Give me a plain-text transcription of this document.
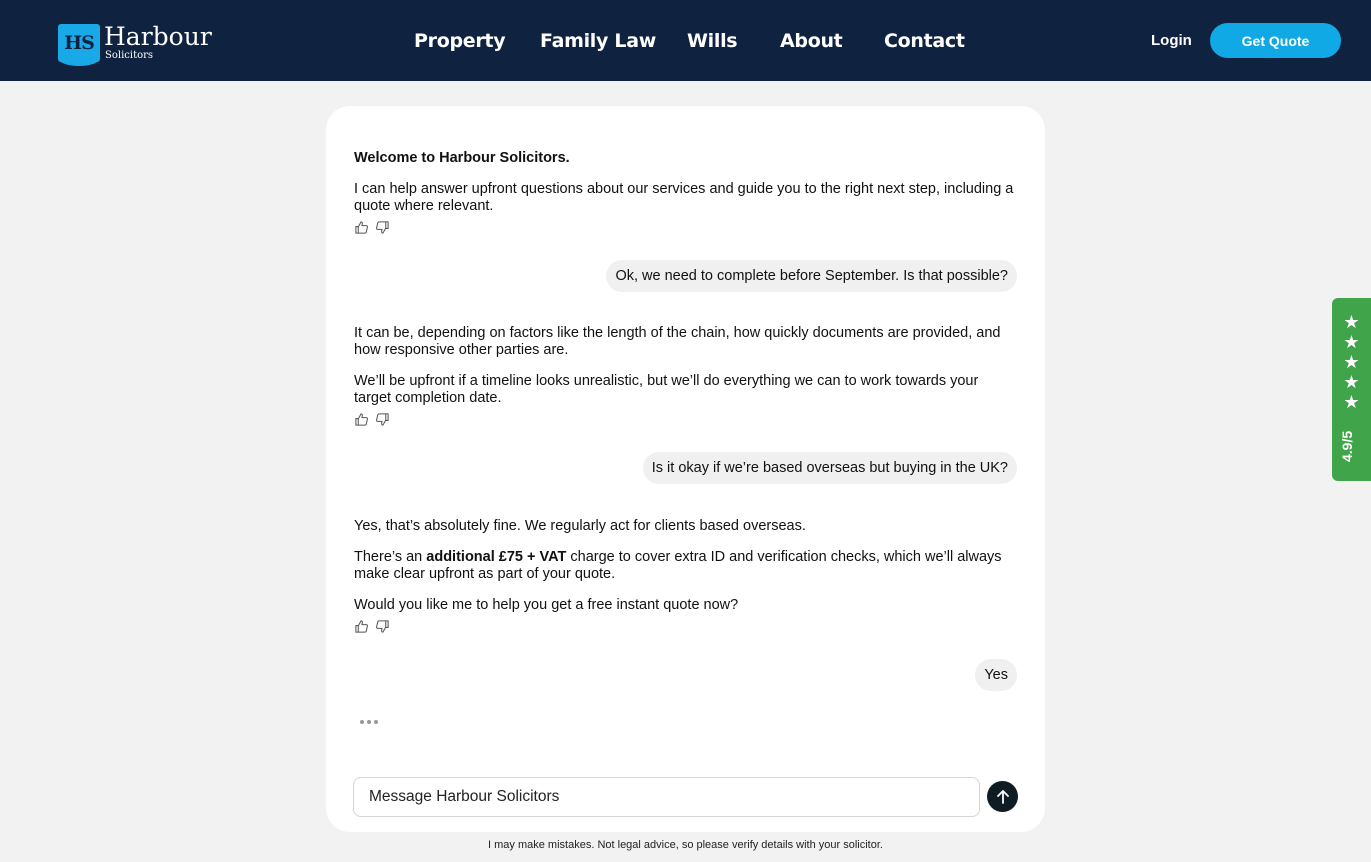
HS Harbour
Solicitors
Property Family Law Wills About Contact	Login	Get Quote

Welcome to Harbour Solicitors.

I can help answer upfront questions about our services and guide you to the right next step, including a quote where relevant.

Ok, we need to complete before September. Is that possible?

It can be, depending on factors like the length of the chain, how quickly documents are provided, and how responsive other parties are.

We’ll be upfront if a timeline looks unrealistic, but we’ll do everything we can to work towards your target completion date.

Is it okay if we’re based overseas but buying in the UK?

Yes, that’s absolutely fine. We regularly act for clients based overseas.

There’s an additional £75 + VAT charge to cover extra ID and verification checks, which we’ll always make clear upfront as part of your quote.

Would you like me to help you get a free instant quote now?

Yes
Message Harbour Solicitors
I may make mistakes. Not legal advice, so please verify details with your solicitor.
★
★
★
★
★
4.9/5
